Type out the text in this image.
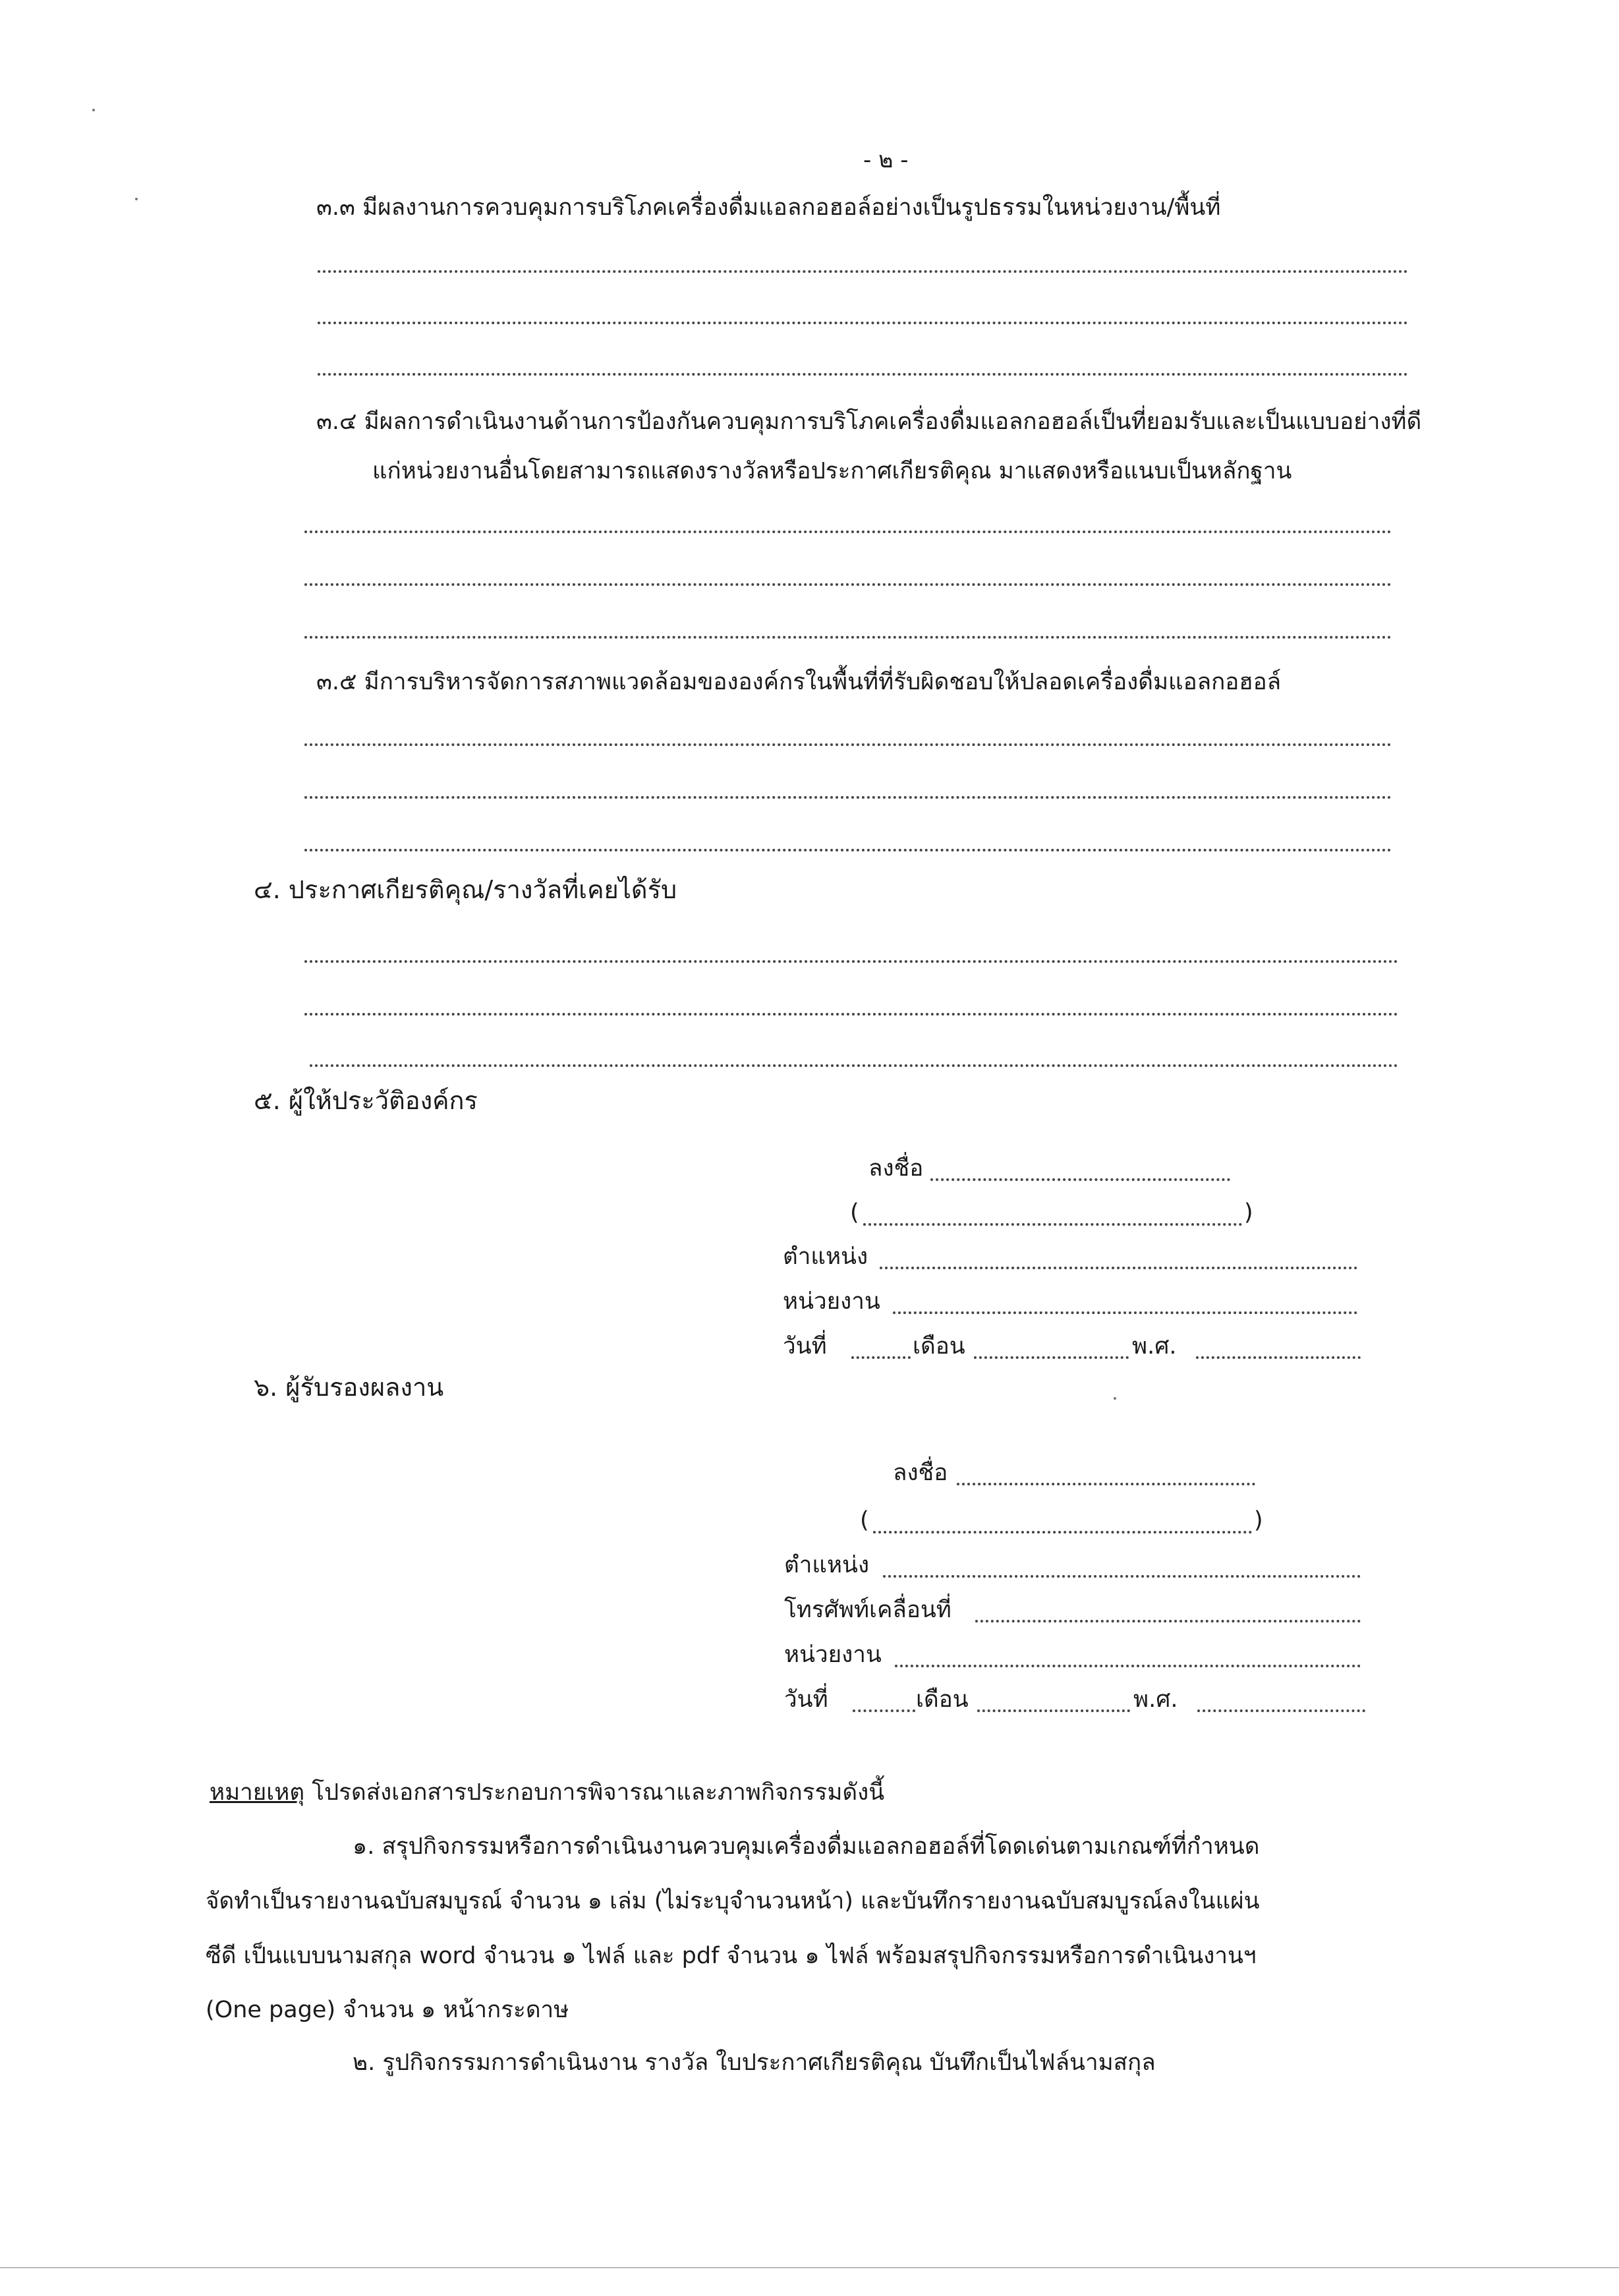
- ๒ -
๓.๓ มีผลงานการควบคุมการบริโภคเครื่องดื่มแอลกอฮอล์อย่างเป็นรูปธรรมในหน่วยงาน/พื้นที่
๓.๔ มีผลการดำเนินงานด้านการป้องกันควบคุมการบริโภคเครื่องดื่มแอลกอฮอล์เป็นที่ยอมรับและเป็นแบบอย่างที่ดี
แก่หน่วยงานอื่นโดยสามารถแสดงรางวัลหรือประกาศเกียรติคุณ มาแสดงหรือแนบเป็นหลักฐาน
๓.๕ มีการบริหารจัดการสภาพแวดล้อมขององค์กรในพื้นที่ที่รับผิดชอบให้ปลอดเครื่องดื่มแอลกอฮอล์
๔. ประกาศเกียรติคุณ/รางวัลที่เคยได้รับ
๕. ผู้ให้ประวัติองค์กร
ลงชื่อ
(	)
ตำแหน่ง
หน่วยงาน
วันที่	เดือน	พ.ศ.
๖. ผู้รับรองผลงาน
ลงชื่อ
(	)
ตำแหน่ง
โทรศัพท์เคลื่อนที่
หน่วยงาน
วันที่	เดือน	พ.ศ.
หมายเหตุ โปรดส่งเอกสารประกอบการพิจารณาและภาพกิจกรรมดังนี้
๑. สรุปกิจกรรมหรือการดำเนินงานควบคุมเครื่องดื่มแอลกอฮอล์ที่โดดเด่นตามเกณฑ์ที่กำหนด
จัดทำเป็นรายงานฉบับสมบูรณ์ จำนวน ๑ เล่ม (ไม่ระบุจำนวนหน้า) และบันทึกรายงานฉบับสมบูรณ์ลงในแผ่น
ซีดี เป็นแบบนามสกุล word จำนวน ๑ ไฟล์ และ pdf จำนวน ๑ ไฟล์ พร้อมสรุปกิจกรรมหรือการดำเนินงานฯ
(One page) จำนวน ๑ หน้ากระดาษ
๒. รูปกิจกรรมการดำเนินงาน รางวัล ใบประกาศเกียรติคุณ บันทึกเป็นไฟล์นามสกุล
